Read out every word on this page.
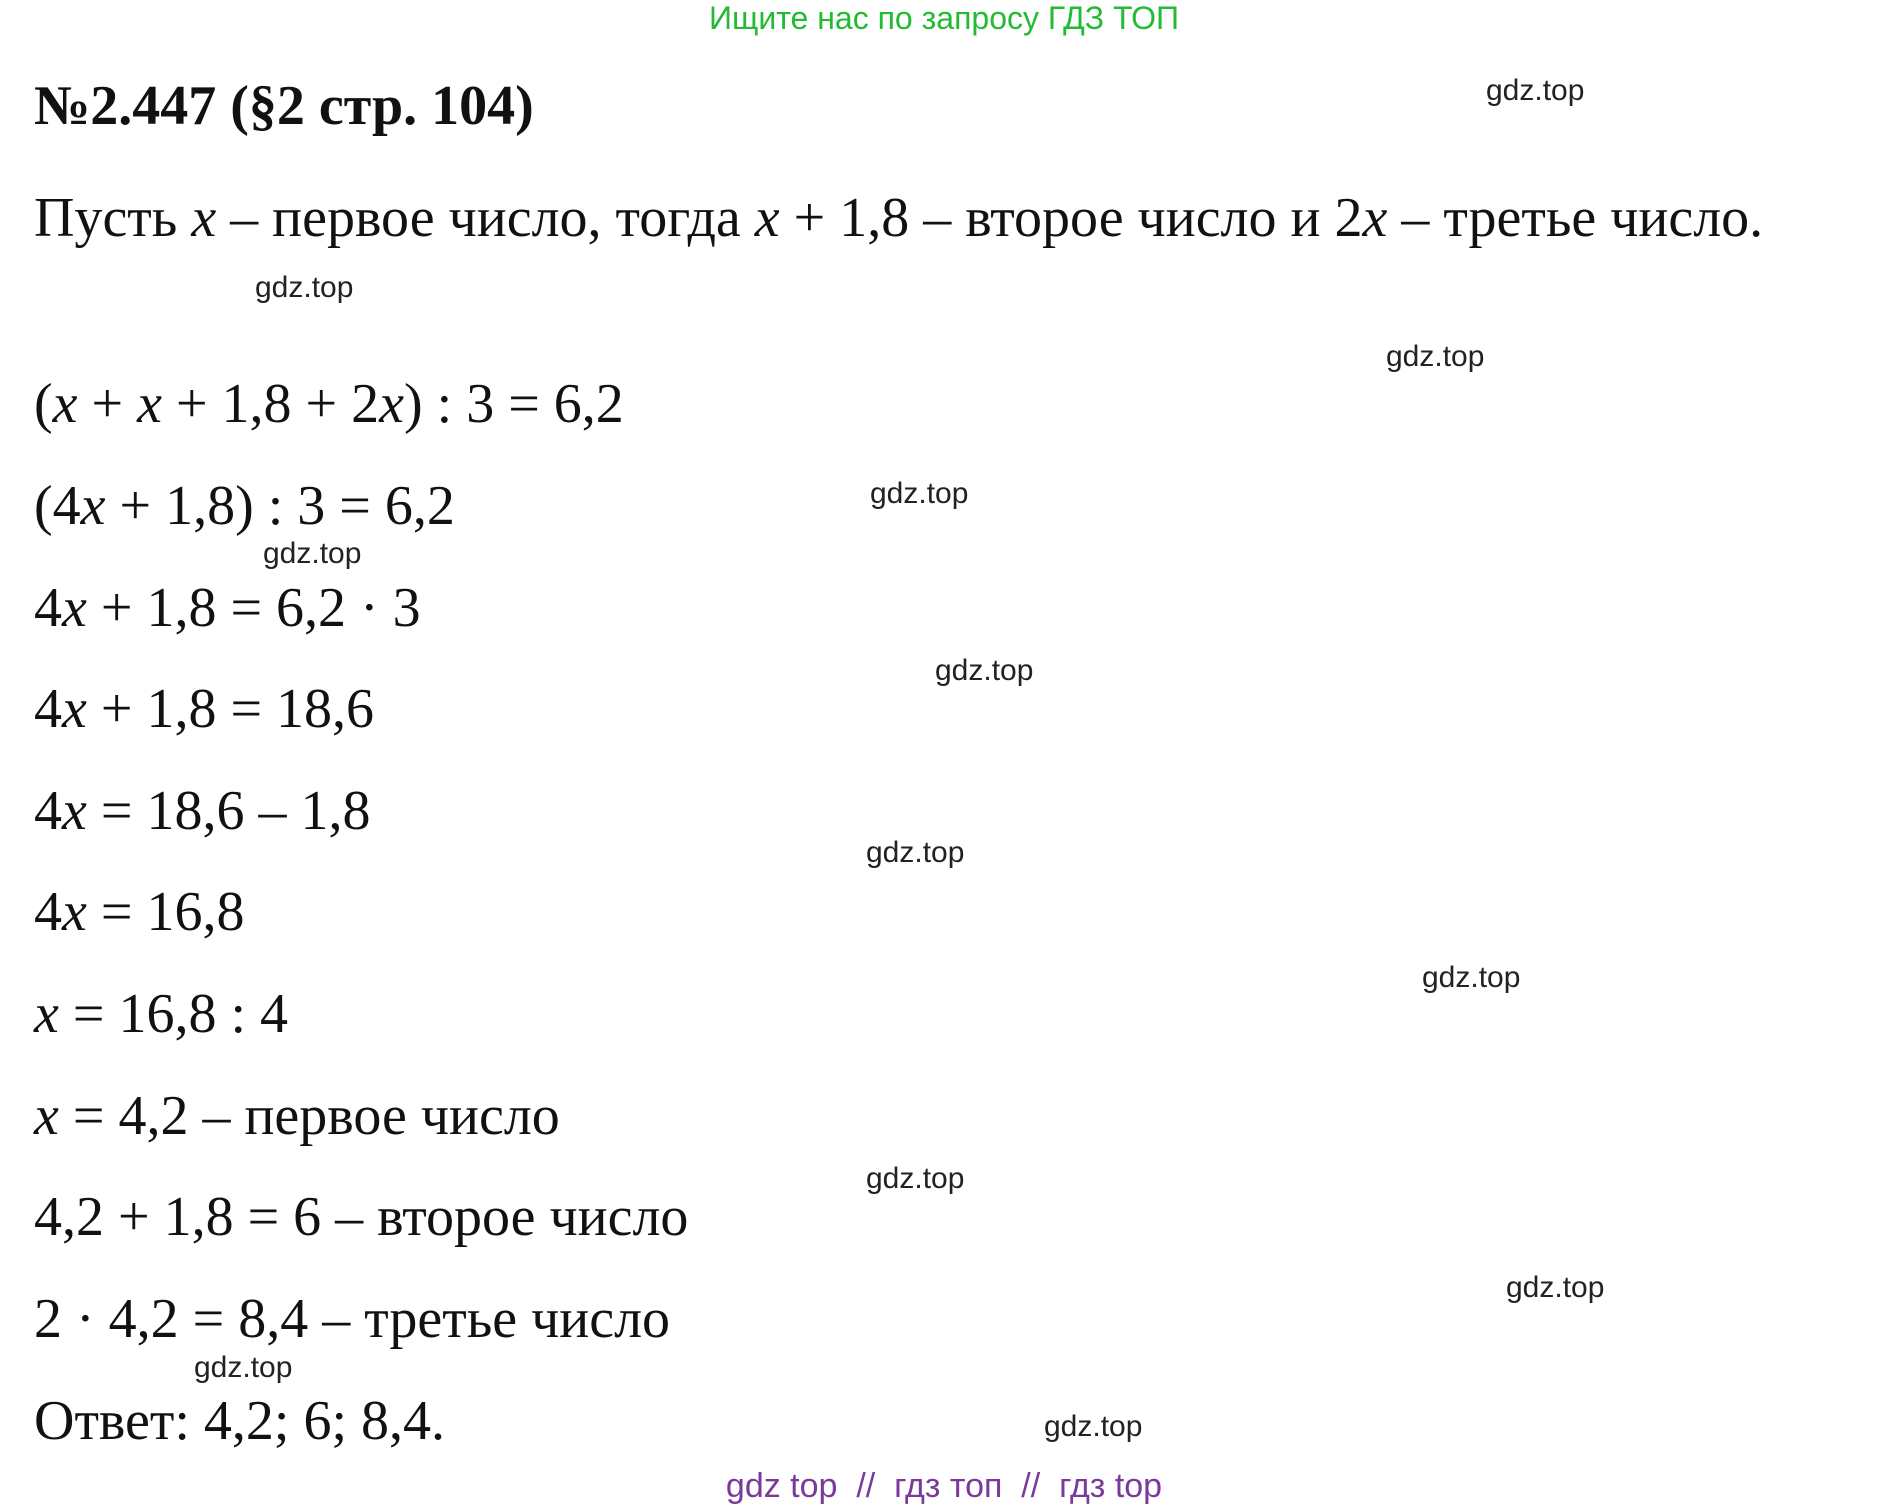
Ищите нас по запросу ГДЗ ТОП
№2.447 (§2 стр. 104)
Пусть x – первое число, тогда x + 1,8 – второе число и 2x – третье число.
(x + x + 1,8 + 2x) : 3 = 6,2
(4x + 1,8) : 3 = 6,2
4x + 1,8 = 6,2 · 3
4x + 1,8 = 18,6
4x = 18,6 – 1,8
4x = 16,8
x = 16,8 : 4
x = 4,2 – первое число
4,2 + 1,8 = 6 – второе число
2 · 4,2 = 8,4 – третье число
Ответ: 4,2; 6; 8,4.
gdz.top
gdz.top
gdz.top
gdz.top
gdz.top
gdz.top
gdz.top
gdz.top
gdz.top
gdz.top
gdz.top
gdz.top
gdz top  //  гдз топ  //  гдз top
